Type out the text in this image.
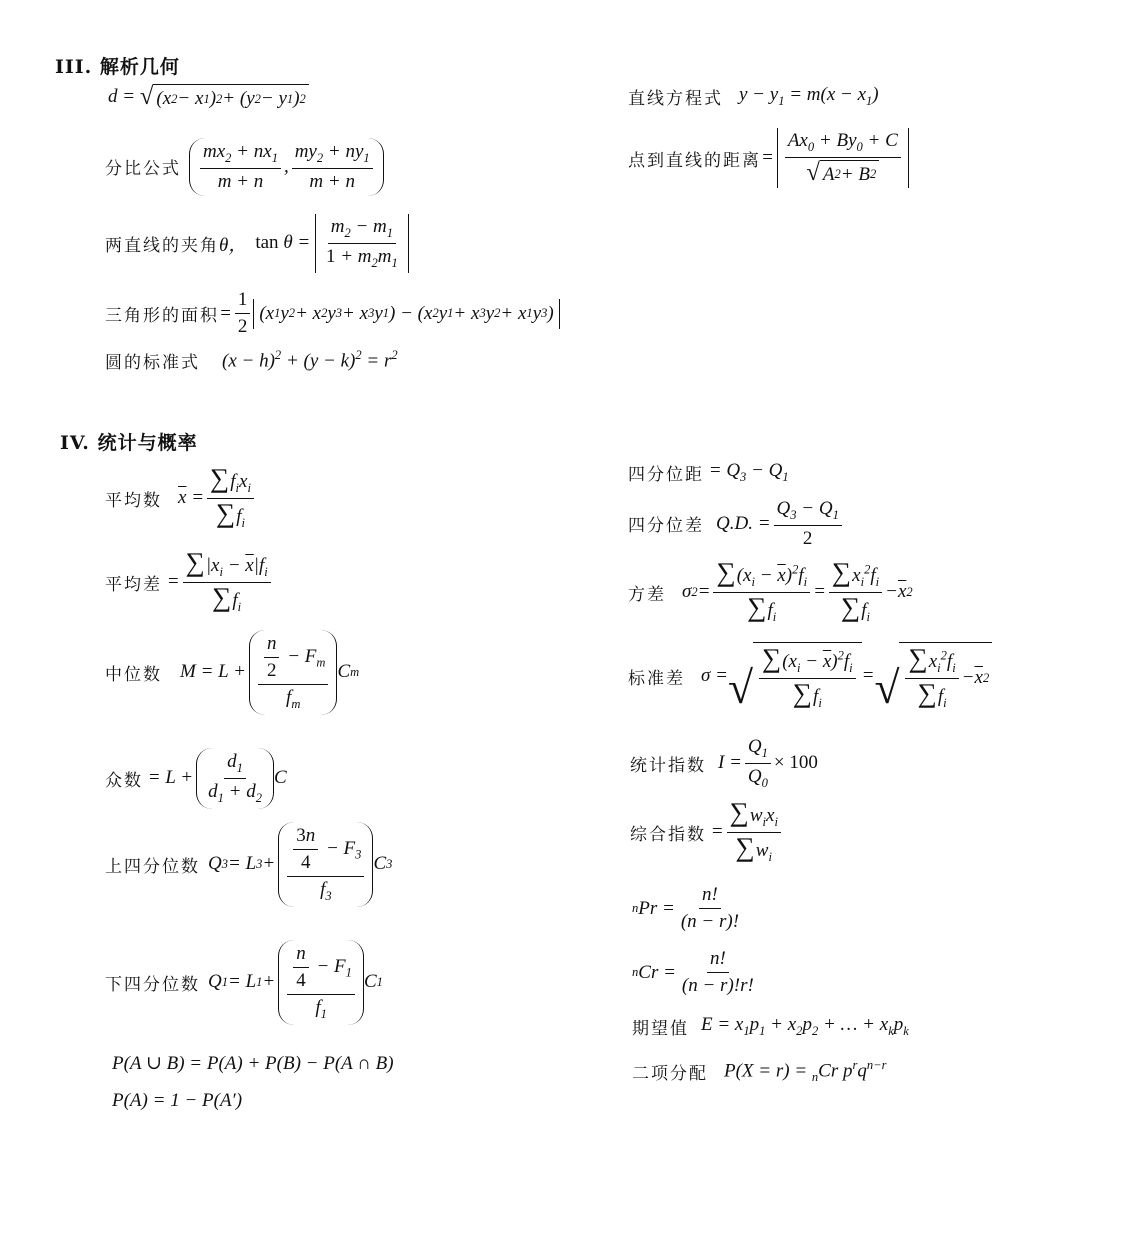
III. 解析几何
d = √ (x 2 − x 1 ) 2 + (y 2 − y 1 ) 2
分比公式 $\frac{mx_2 + nx_1}{m + n}$ , $\frac{my_2 + ny_1}{m + n}$
两直线的夹角 θ， $\tan \theta = \frac{m_2 - m_1}{1 + m_2m_1}$
三角形的面积 = $\frac{1}{2} (x$ 1 y 2 + x 2 y 3 + x 3 y 1 ) − (x 2 y 1 + x 3 y 2 + x 1 y 3 )
圆的标准式 $(x - h)^2 + (y - k)^2 = r^2$
直线方程式 $y - y_1 = m(x - x_1)$
点到直线的距离 = $\frac{Ax_0 + By_0 + C}{√ A 2 + B 2}$
IV. 统计与概率
平均数 $\overline{x} = \frac{\sum f_ix_i}{\sum f_i}$
平均差 = $\frac{\sum|x_i - \overline{x}|f_i}{\sum f_i}$
中位数 $M = L + \frac{\frac{n}{2} - F_m}{f_m}$ C m
众数 = $L + \frac{d_1}{d_1 + d_2}$ C
上四分位数 Q 3 = L $3 + \frac{\frac{3n}{4} - F_3}{f_3}$ C 3
下四分位数 Q 1 = L $1 + \frac{\frac{n}{4} - F_1}{f_1}$ C 1
P(A ∪ B) = P(A) + P(B) − P(A ∩ B)
P(A) = 1 − P(A′)
四分位距 = $Q_3 - Q_1$
四分位差 Q.D. = $\frac{Q_3 - Q_1}{2}$
方差 σ $2 = \frac{\sum(x_i - \overline{x})^2f_i}{\sum f_i} = \frac{\sum x_i^2f_i}{\sum f_i} - \overline{x}$ 2
标准差 σ = √ $\frac{\sum(x_i - \overline{x})^2f_i}{\sum f_i}$ = √ $\frac{\sum x_i^2f_i}{\sum f_i} - \overline{x}$ 2
统计指数 $I = \frac{Q_1}{Q_0} \times 100$
综合指数 = $\frac{\sum w_ix_i}{\sum w_i}$
n $Pr = \frac{n!}{(n - r)!}$
n $Cr = \frac{n!}{(n - r)!r!}$
期望值 $E = x_1p_1 + x_2p_2$ + … + $x_kp_k$
二项分配 P(X = r) = $_n$Cr $p^rq^{n-r}$
